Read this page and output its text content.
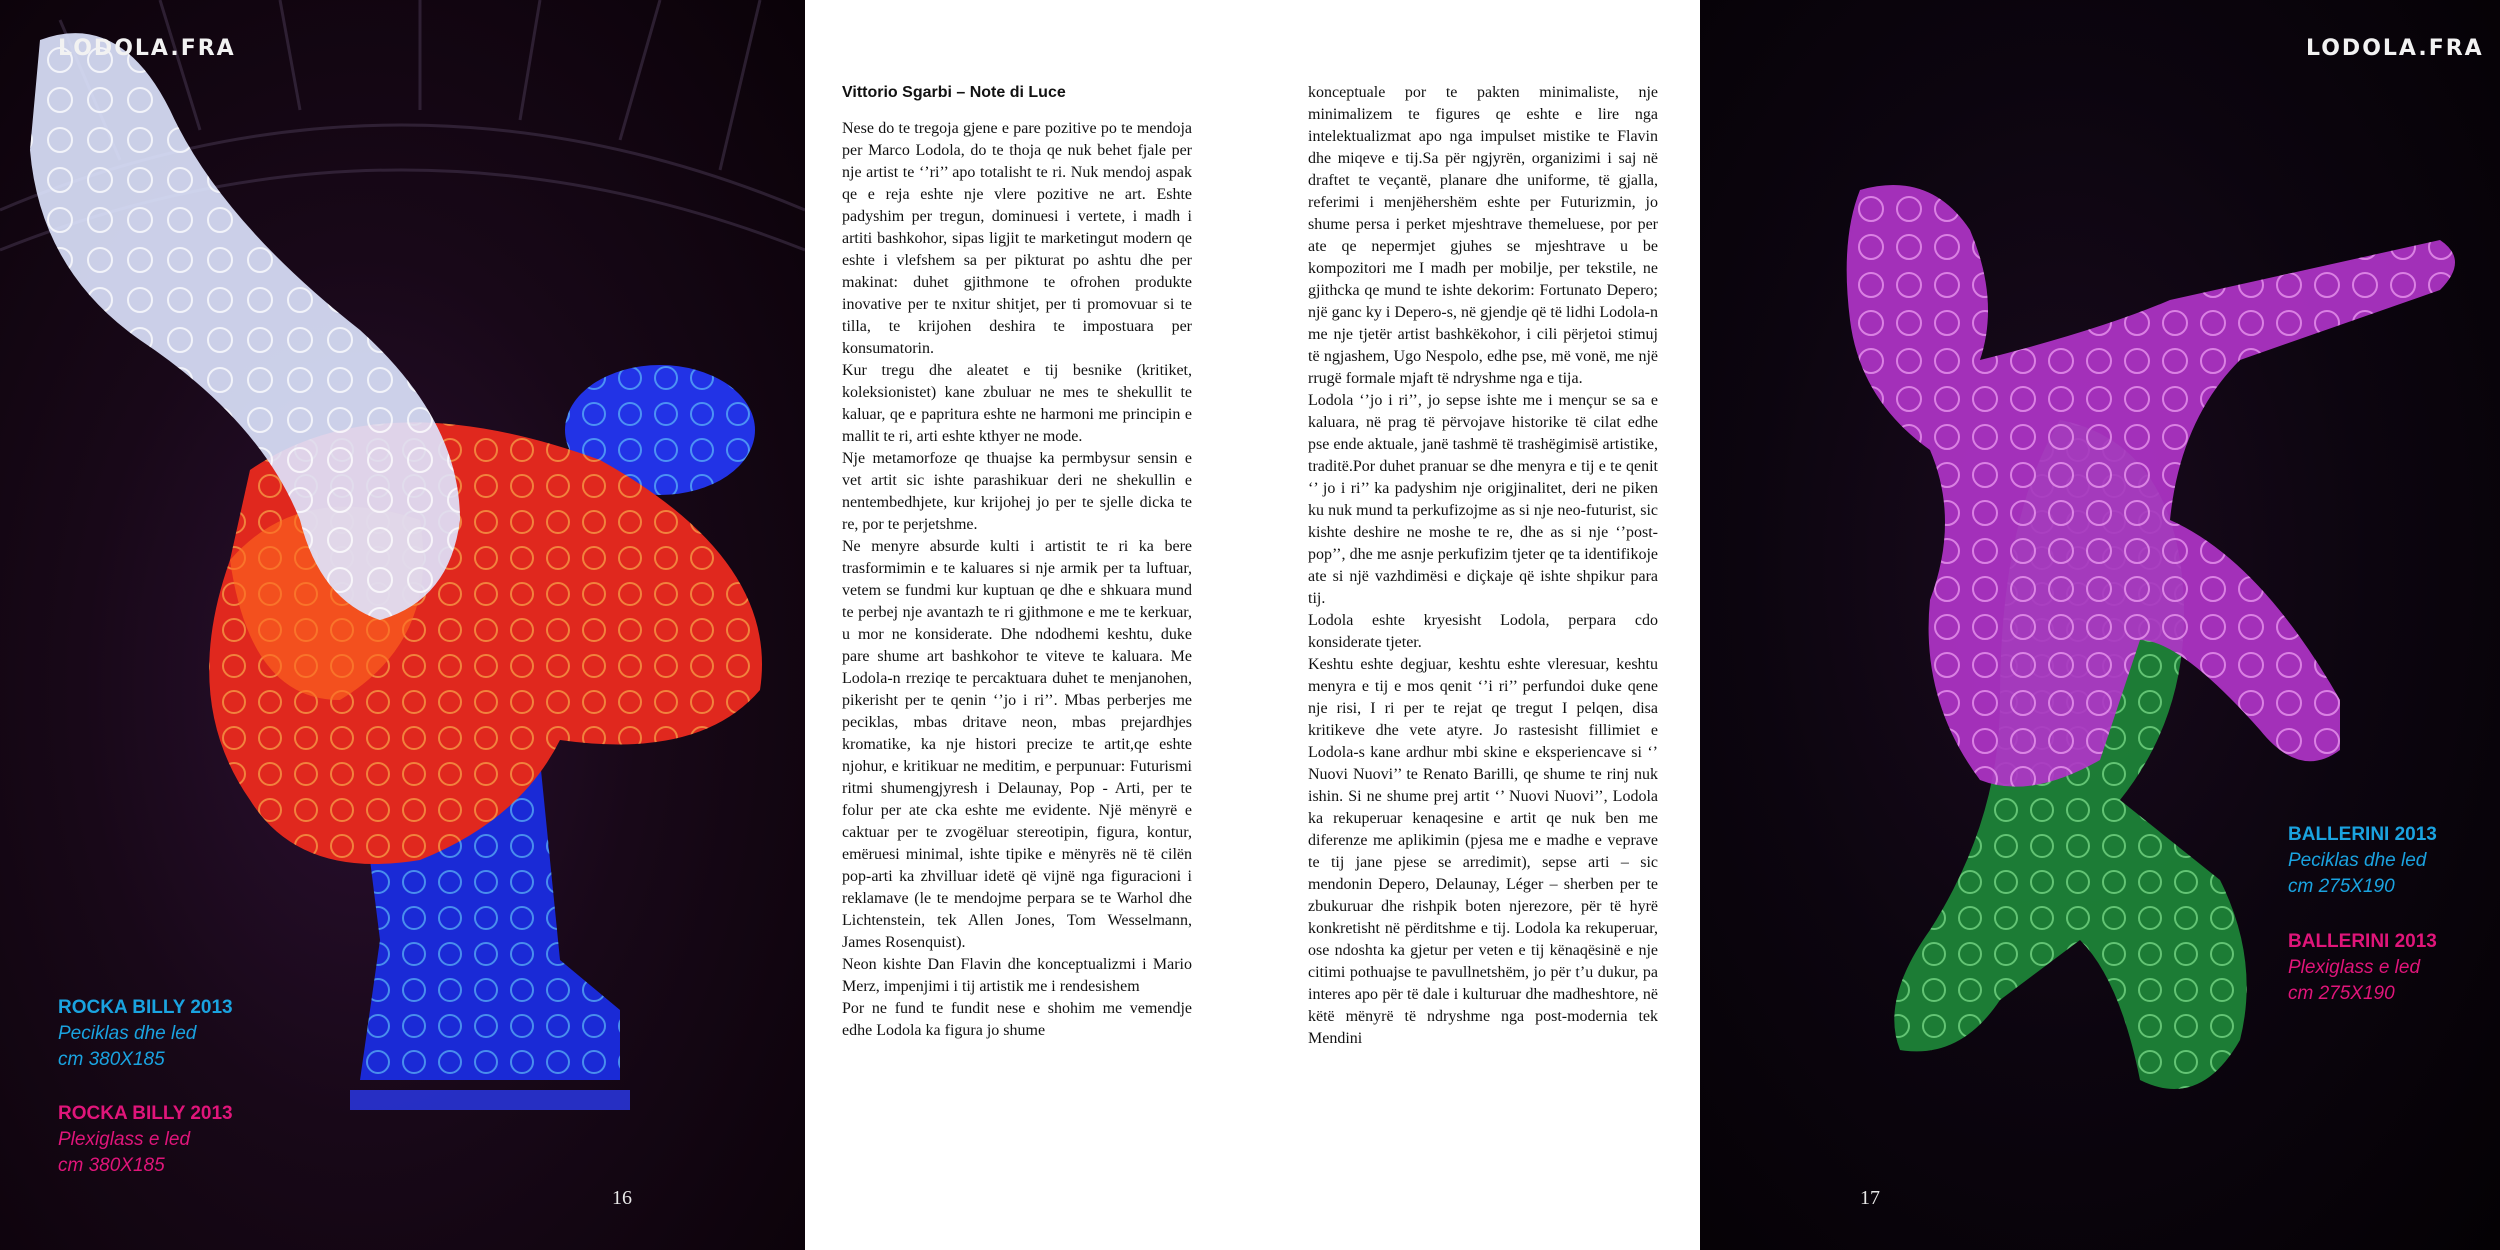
LODOLA.FRA
ROCKA BILLY 2013
Peciklas dhe led
cm 380X185
ROCKA BILLY 2013
Plexiglass e led
cm 380X185
16
Vittorio Sgarbi – Note di Luce

Nese do te tregoja gjene e pare pozitive po te mendoja per Marco Lodola, do te thoja qe nuk behet fjale per nje artist te ‘’ri’’ apo totalisht te ri. Nuk mendoj aspak qe e reja eshte nje vlere pozitive ne art. Eshte padyshim per tregun, dominuesi i vertete, i madh i artiti bashkohor, sipas ligjit te marketingut modern qe eshte i vlefshem sa per pikturat po ashtu dhe per makinat: duhet gjithmone te ofrohen produkte inovative per te nxitur shitjet, per ti promovuar si te tilla, te krijohen deshira te impostuara per konsumatorin.

Kur tregu dhe aleatet e tij besnike (kritiket, koleksionistet) kane zbuluar ne mes te shekullit te kaluar, qe e papritura eshte ne harmoni me principin e mallit te ri, arti eshte kthyer ne mode.

Nje metamorfoze qe thuajse ka permbysur sensin e vet artit sic ishte parashikuar deri ne shekullin e nentembedhjete, kur krijohej jo per te sjelle dicka te re, por te perjetshme.

Ne menyre absurde kulti i artistit te ri ka bere trasformimin e te kaluares si nje armik per ta luftuar, vetem se fundmi kur kuptuan qe dhe e shkuara mund te perbej nje avantazh te ri gjithmone e me te kerkuar, u mor ne konsiderate. Dhe ndodhemi keshtu, duke pare shume art bashkohor te viteve te kaluara. Me Lodola-n rreziqe te percaktuara duhet te menjanohen, pikerisht per te qenin ‘’jo i ri’’. Mbas perberjes me peciklas, mbas dritave neon, mbas prejardhjes kromatike, ka nje histori precize te artit,qe eshte njohur, e kritikuar ne meditim, e perpunuar: Futurismi ritmi shumengjyresh i Delaunay, Pop - Arti, per te folur per ate cka eshte me evidente. Një mënyrë e caktuar per te zvogëluar stereotipin, figura, kontur, emëruesi minimal, ishte tipike e mënyrës në të cilën pop-arti ka zhvilluar idetë që vijnë nga figuracioni i reklamave (le te mendojme perpara se te Warhol dhe Lichtenstein, tek Allen Jones, Tom Wesselmann, James Rosenquist).

Neon kishte Dan Flavin dhe konceptualizmi i Mario Merz, impenjimi i tij artistik me i rendesishem

Por ne fund te fundit nese e shohim me vemendje edhe Lodola ka figura jo shume

konceptuale por te pakten minimaliste, nje minimalizem te figures qe eshte e lire nga intelektualizmat apo nga impulset mistike te Flavin dhe miqeve e tij.Sa për ngjyrën, organizimi i saj në draftet te veçantë, planare dhe uniforme, të gjalla, referimi i menjëhershëm eshte per Futurizmin, jo shume persa i perket mjeshtrave themeluese, por per ate qe nepermjet gjuhes se mjeshtrave u be kompozitori me I madh per mobilje, per tekstile, ne gjithcka qe mund te ishte dekorim: Fortunato Depero; një ganc ky i Depero-s, në gjendje që të lidhi Lodola-n me nje tjetër artist bashkëkohor, i cili përjetoi stimuj të ngjashem, Ugo Nespolo, edhe pse, më vonë, me një rrugë formale mjaft të ndryshme nga e tija.

Lodola ‘’jo i ri’’, jo sepse ishte me i mençur se sa e kaluara, në prag të përvojave historike të cilat edhe pse ende aktuale, janë tashmë të trashëgimisë artistike, traditë.Por duhet pranuar se dhe menyra e tij e te qenit ‘’ jo i ri’’ ka padyshim nje origjinalitet, deri ne piken ku nuk mund ta perkufizojme as si nje neo-futurist, sic kishte deshire ne moshe te re, dhe as si nje ‘’post-pop’’, dhe me asnje perkufizim tjeter qe ta identifikoje ate si një vazhdimësi e diçkaje që ishte shpikur para tij.

Lodola eshte kryesisht Lodola, perpara cdo konsiderate tjeter.

Keshtu eshte degjuar, keshtu eshte vleresuar, keshtu menyra e tij e mos qenit ‘’i ri’’ perfundoi duke qene nje risi, I ri per te rejat qe tregut I pelqen, disa kritikeve dhe vete atyre. Jo rastesisht fillimiet e Lodola-s kane ardhur mbi skine e eksperiencave si ‘’ Nuovi Nuovi’’ te Renato Barilli, qe shume te rinj nuk ishin. Si ne shume prej artit ‘’ Nuovi Nuovi’’, Lodola ka rekuperuar kenaqesine e artit qe nuk ben me diferenze me aplikimin (pjesa me e madhe e veprave te tij jane pjese se arredimit), sepse arti – sic mendonin Depero, Delaunay, Léger – sherben per te zbukuruar dhe rishpik boten njerezore, për të hyrë konkretisht në përditshme e tij. Lodola ka rekuperuar, ose ndoshta ka gjetur per veten e tij kënaqësinë e nje citimi pothuajse te pavullnetshëm, jo për t’u dukur, pa interes apo për të dale i kulturuar dhe madheshtore, në këtë mënyrë të ndryshme nga post-modernia tek Mendini

LODOLA.FRA
BALLERINI 2013
Peciklas dhe led
cm 275X190
BALLERINI 2013
Plexiglass e led
cm 275X190
17
